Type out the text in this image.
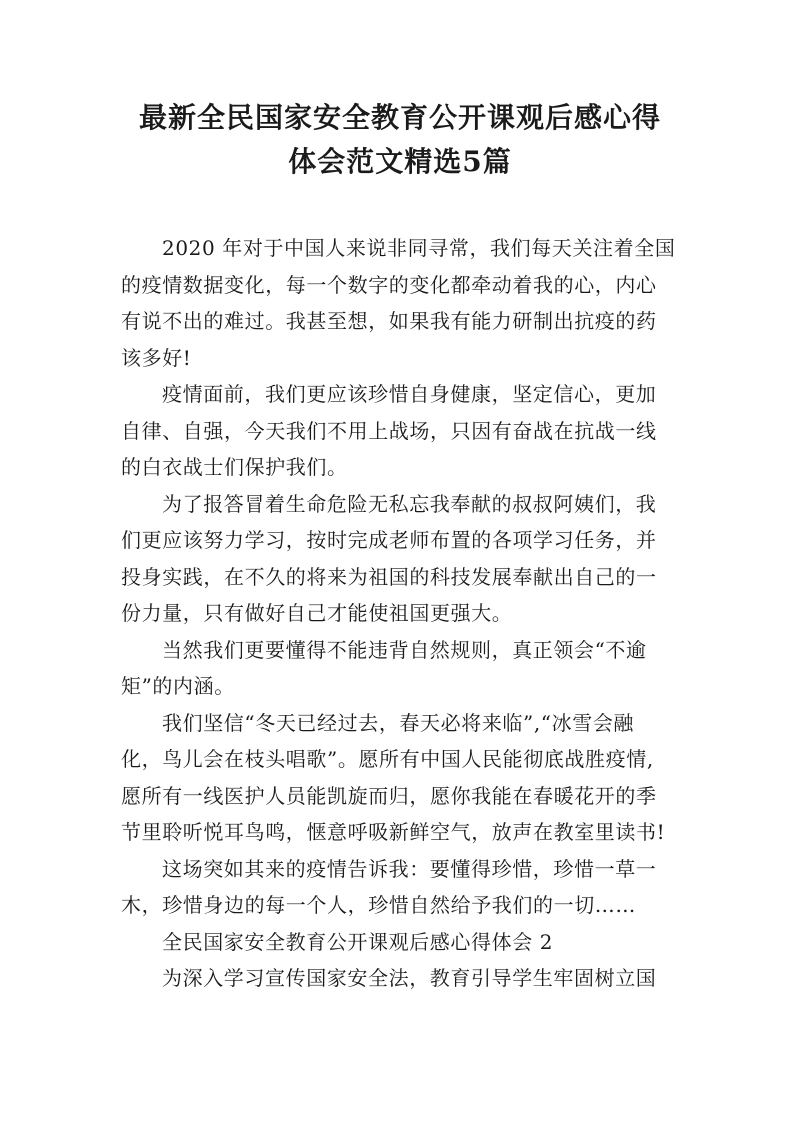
最新全民国家安全教育公开课观后感心得
体会范文精选5篇

2020 年对于中国人来说非同寻常，我们每天关注着全国
的疫情数据变化，每一个数字的变化都牵动着我的心，内心
有说不出的难过。我甚至想，如果我有能力研制出抗疫的药
该多好!

疫情面前，我们更应该珍惜自身健康，坚定信心，更加
自律、自强，今天我们不用上战场，只因有奋战在抗战一线
的白衣战士们保护我们。

为了报答冒着生命危险无私忘我奉献的叔叔阿姨们，我
们更应该努力学习，按时完成老师布置的各项学习任务，并
投身实践，在不久的将来为祖国的科技发展奉献出自己的一
份力量，只有做好自己才能使祖国更强大。

当然我们更要懂得不能违背自然规则，真正领会“不逾
矩”的内涵。

我们坚信“冬天已经过去，春天必将来临”,“冰雪会融
化，鸟儿会在枝头唱歌”。愿所有中国人民能彻底战胜疫情,
愿所有一线医护人员能凯旋而归，愿你我能在春暖花开的季
节里聆听悦耳鸟鸣，惬意呼吸新鲜空气，放声在教室里读书!

这场突如其来的疫情告诉我：要懂得珍惜，珍惜一草一
木，珍惜身边的每一个人，珍惜自然给予我们的一切……

全民国家安全教育公开课观后感心得体会 2

为深入学习宣传国家安全法，教育引导学生牢固树立国
